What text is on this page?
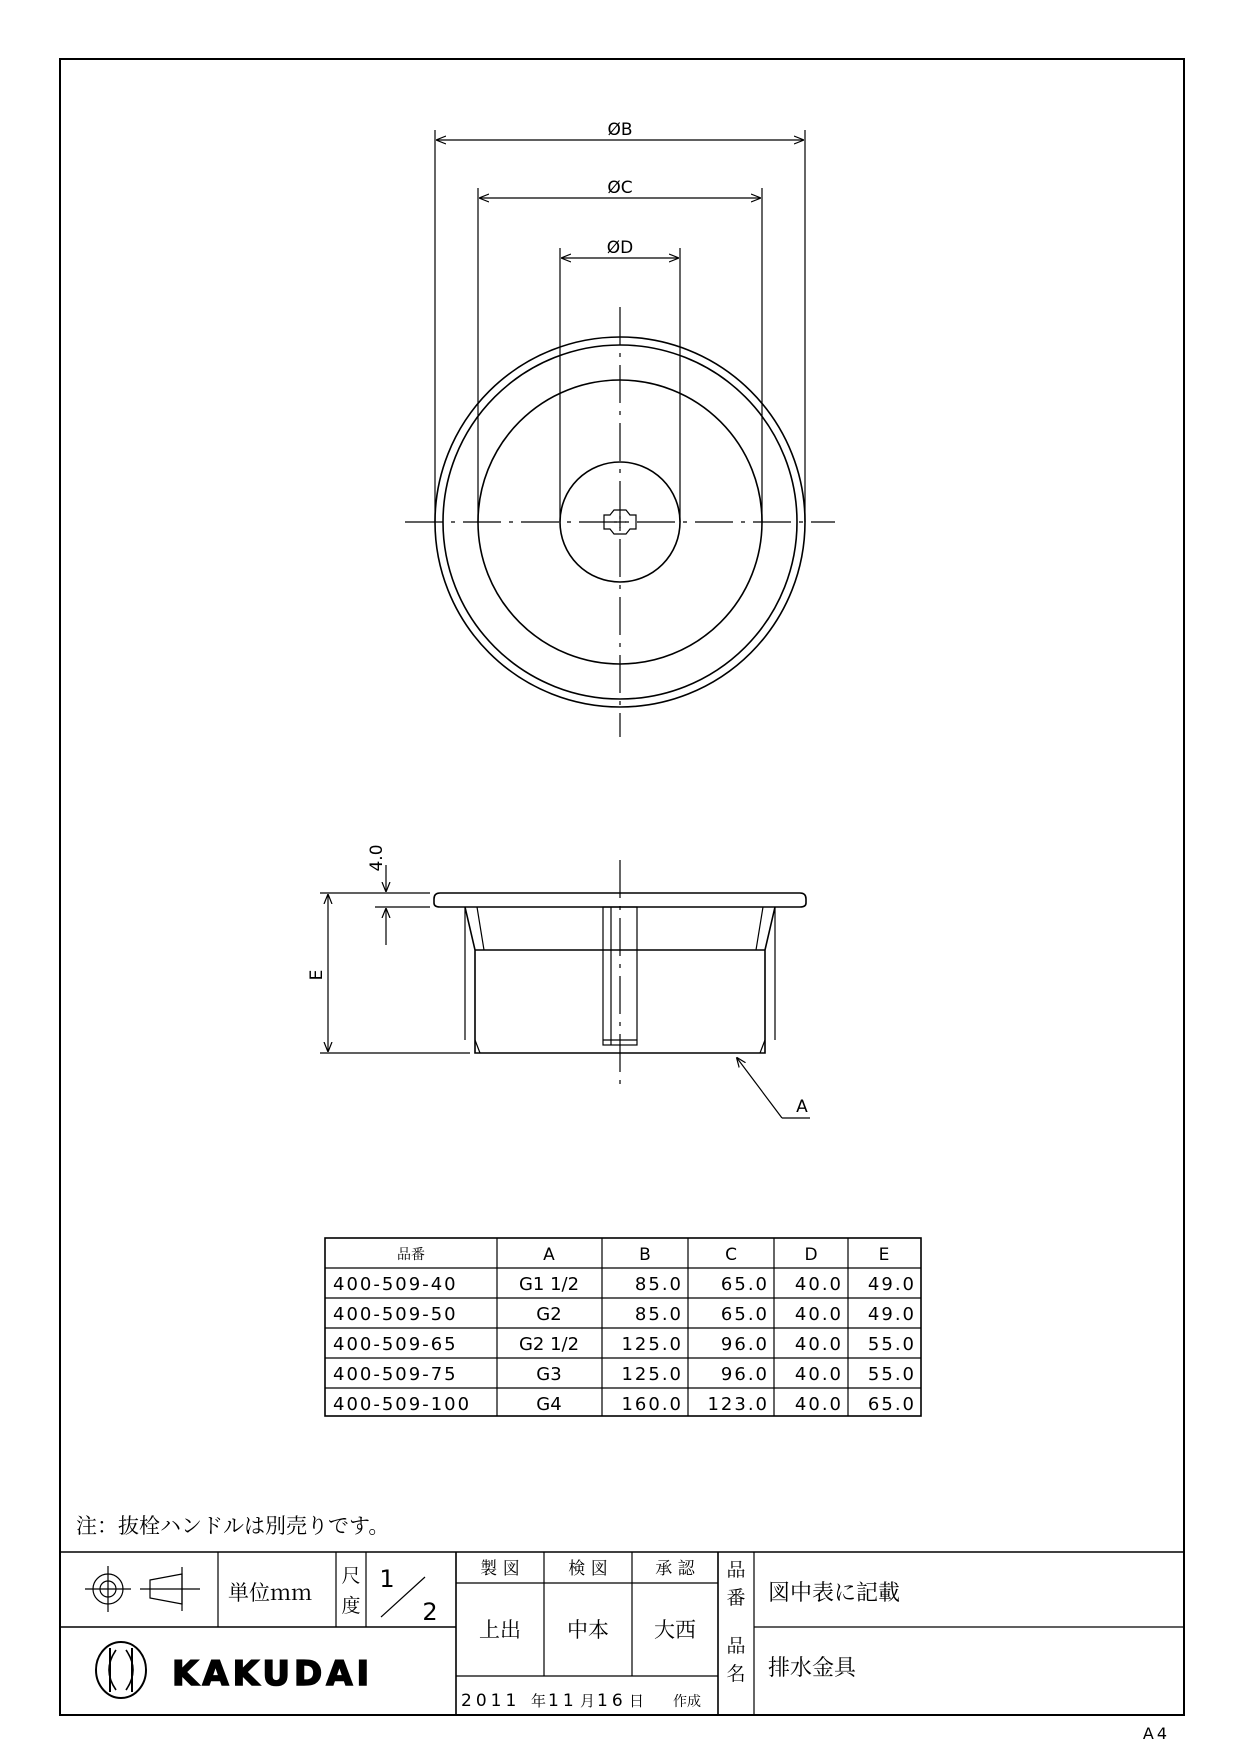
ØB
ØC
ØD
E
4.0
A
品番	A	B	C	D	E
400-509-40	G1 1/2	85.0 65.0 40.0 49.0
400-509-50	G2	85.0 65.0 40.0 49.0
400-509-65	G2 1/2 125.0 96.0 40.0 55.0
400-509-75	G3	125.0 96.0 40.0 55.0
400-509-100	G4	160.0 123.0 40.0 65.0
注：抜栓ハンドルは別売りです。
単位ｍｍ
尺
度
1
2
製 図	検 図	承 認
上出 中本 大西
品
番 図中表に記載
品
名 排水金具
2011 年 11 月 16 日 作成
KAKUDAI
A4
